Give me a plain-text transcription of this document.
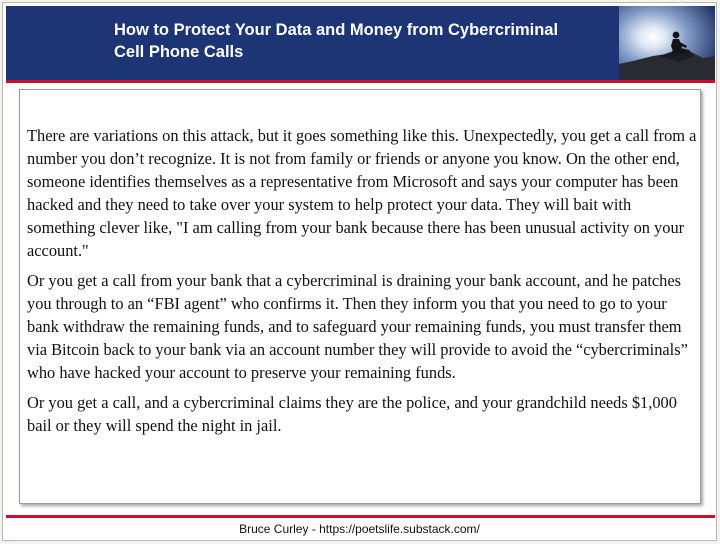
How to Protect Your Data and Money from Cybercriminal Cell Phone Calls

There are variations on this attack, but it goes something like this. Unexpectedly, you get a call from a number you don’t recognize. It is not from family or friends or anyone you know. On the other end, someone identifies themselves as a representative from Microsoft and says your computer has been hacked and they need to take over your system to help protect your data. They will bait with something clever like, "I am calling from your bank because there has been unusual activity on your account."

Or you get a call from your bank that a cybercriminal is draining your bank account, and he patches you through to an “FBI agent” who confirms it. Then they inform you that you need to go to your bank withdraw the remaining funds, and to safeguard your remaining funds, you must transfer them via Bitcoin back to your bank via an account number they will provide to avoid the “cybercriminals” who have hacked your account to preserve your remaining funds.

Or you get a call, and a cybercriminal claims they are the police, and your grandchild needs $1,000 bail or they will spend the night in jail.

Bruce Curley - https://poetslife.substack.com/
